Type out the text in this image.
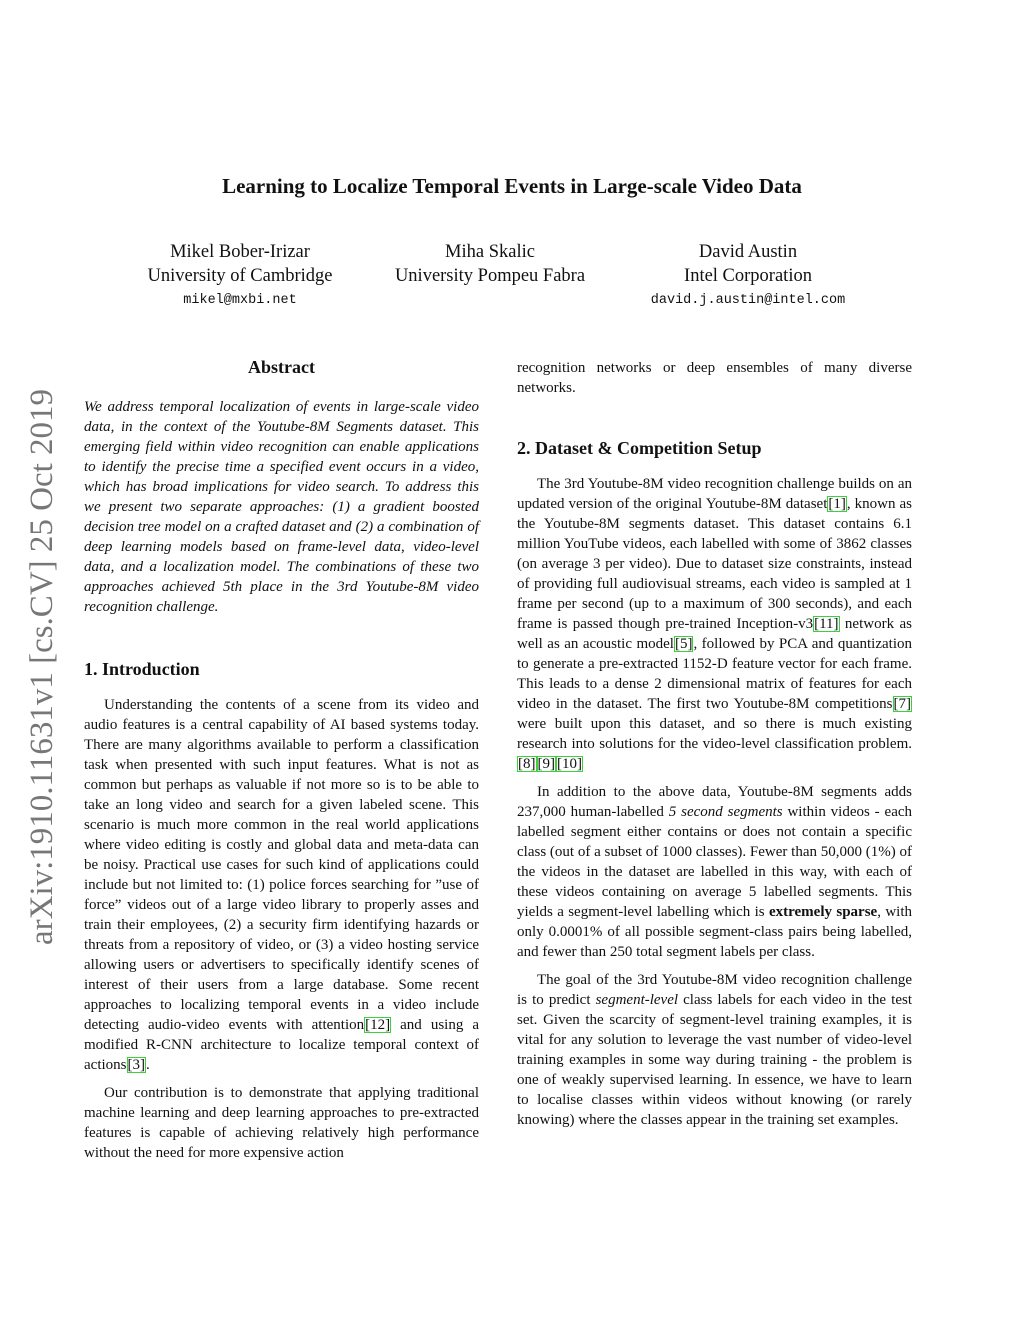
Learning to Localize Temporal Events in Large-scale Video Data
Mikel Bober-Irizar
University of Cambridge
mikel@mxbi.net
Miha Skalic
University Pompeu Fabra
David Austin
Intel Corporation
david.j.austin@intel.com
arXiv:1910.11631v1 [cs.CV] 25 Oct 2019
Abstract
We address temporal localization of events in large-scale video data, in the context of the Youtube-8M Segments dataset. This emerging field within video recognition can enable applications to identify the precise time a specified event occurs in a video, which has broad implications for video search. To address this we present two separate approaches: (1) a gradient boosted decision tree model on a crafted dataset and (2) a combination of deep learning models based on frame-level data, video-level data, and a localization model. The combinations of these two approaches achieved 5th place in the 3rd Youtube-8M video recognition challenge.
1. Introduction

Understanding the contents of a scene from its video and audio features is a central capability of AI based systems today. There are many algorithms available to perform a classification task when presented with such input features. What is not as common but perhaps as valuable if not more so is to be able to take an long video and search for a given labeled scene. This scenario is much more common in the real world applications where video editing is costly and global data and meta-data can be noisy. Practical use cases for such kind of applications could include but not limited to: (1) police forces searching for ”use of force” videos out of a large video library to properly asses and train their employees, (2) a security firm identifying hazards or threats from a repository of video, or (3) a video hosting service allowing users or advertisers to specifically identify scenes of interest of their users from a large database. Some recent approaches to localizing temporal events in a video include detecting audio-video events with attention[12] and using a modified R-CNN architecture to localize temporal context of actions[3].

Our contribution is to demonstrate that applying traditional machine learning and deep learning approaches to pre-extracted features is capable of achieving relatively high performance without the need for more expensive action

recognition networks or deep ensembles of many diverse networks.

2. Dataset & Competition Setup

The 3rd Youtube-8M video recognition challenge builds on an updated version of the original Youtube-8M dataset[1], known as the Youtube-8M segments dataset. This dataset contains 6.1 million YouTube videos, each labelled with some of 3862 classes (on average 3 per video). Due to dataset size constraints, instead of providing full audiovisual streams, each video is sampled at 1 frame per second (up to a maximum of 300 seconds), and each frame is passed though pre-trained Inception-v3[11] network as well as an acoustic model[5], followed by PCA and quantization to generate a pre-extracted 1152-D feature vector for each frame. This leads to a dense 2 dimensional matrix of features for each video in the dataset. The first two Youtube-8M competitions[7] were built upon this dataset, and so there is much existing research into solutions for the video-level classification problem.[8] [9] [10]

In addition to the above data, Youtube-8M segments adds 237,000 human-labelled 5 second segments within videos - each labelled segment either contains or does not contain a specific class (out of a subset of 1000 classes). Fewer than 50,000 (1%) of the videos in the dataset are labelled in this way, with each of these videos containing on average 5 labelled segments. This yields a segment-level labelling which is extremely sparse, with only 0.0001% of all possible segment-class pairs being labelled, and fewer than 250 total segment labels per class.

The goal of the 3rd Youtube-8M video recognition challenge is to predict segment-level class labels for each video in the test set. Given the scarcity of segment-level training examples, it is vital for any solution to leverage the vast number of video-level training examples in some way during training - the problem is one of weakly supervised learning. In essence, we have to learn to localise classes within videos without knowing (or rarely knowing) where the classes appear in the training set examples.
